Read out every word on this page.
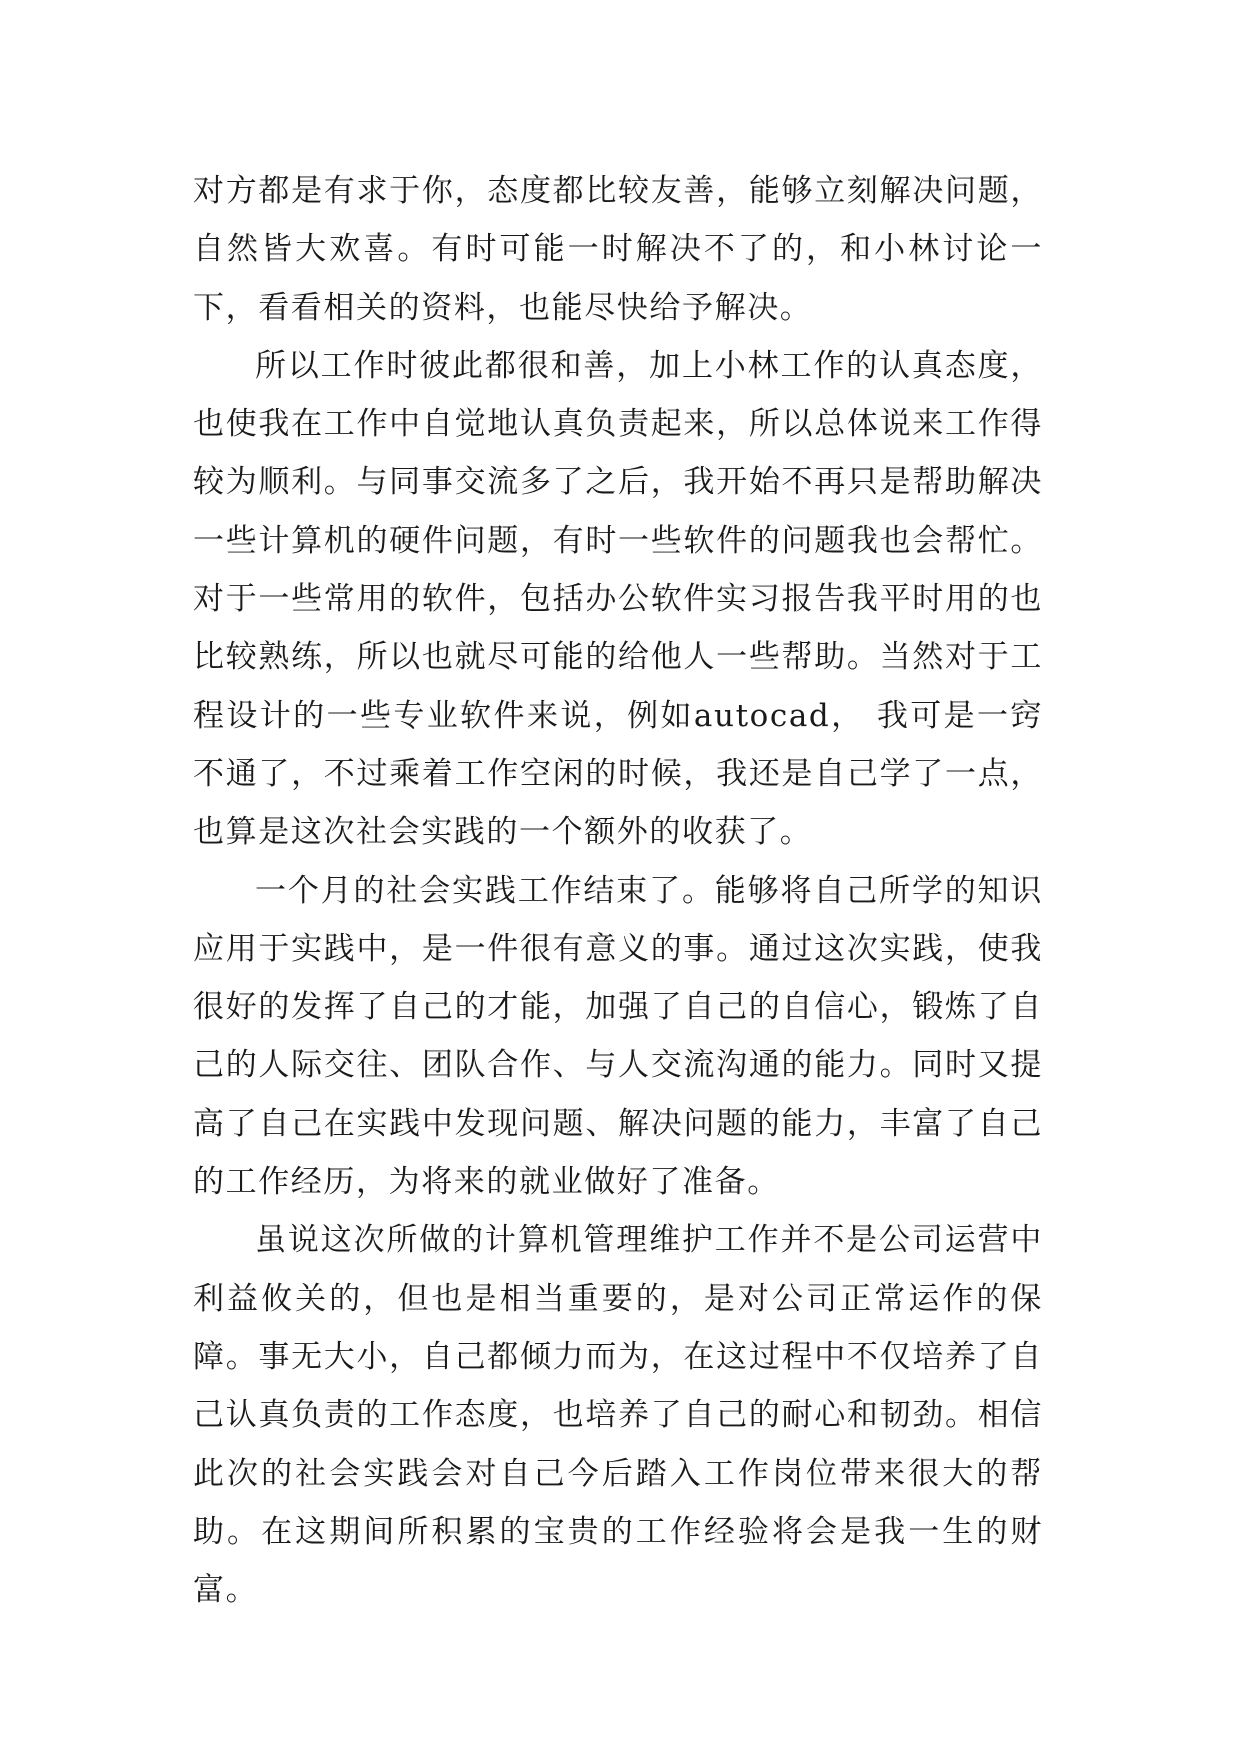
对方都是有求于你，态度都比较友善，能够立刻解决问题，自然皆大欢喜。有时可能一时解决不了的，和小林讨论一下，看看相关的资料，也能尽快给予解决。

所以工作时彼此都很和善，加上小林工作的认真态度，也使我在工作中自觉地认真负责起来，所以总体说来工作得较为顺利。与同事交流多了之后，我开始不再只是帮助解决一些计算机的硬件问题，有时一些软件的问题我也会帮忙。对于一些常用的软件，包括办公软件实习报告我平时用的也比较熟练，所以也就尽可能的给他人一些帮助。当然对于工程设计的一些专业软件来说，例如autocad， 我可是一窍不通了，不过乘着工作空闲的时候，我还是自己学了一点，也算是这次社会实践的一个额外的收获了。

一个月的社会实践工作结束了。能够将自己所学的知识应用于实践中，是一件很有意义的事。通过这次实践，使我很好的发挥了自己的才能，加强了自己的自信心，锻炼了自己的人际交往、团队合作、与人交流沟通的能力。同时又提高了自己在实践中发现问题、解决问题的能力，丰富了自己的工作经历，为将来的就业做好了准备。

虽说这次所做的计算机管理维护工作并不是公司运营中利益攸关的，但也是相当重要的，是对公司正常运作的保障。事无大小，自己都倾力而为，在这过程中不仅培养了自己认真负责的工作态度，也培养了自己的耐心和韧劲。相信此次的社会实践会对自己今后踏入工作岗位带来很大的帮助。在这期间所积累的宝贵的工作经验将会是我一生的财富。
